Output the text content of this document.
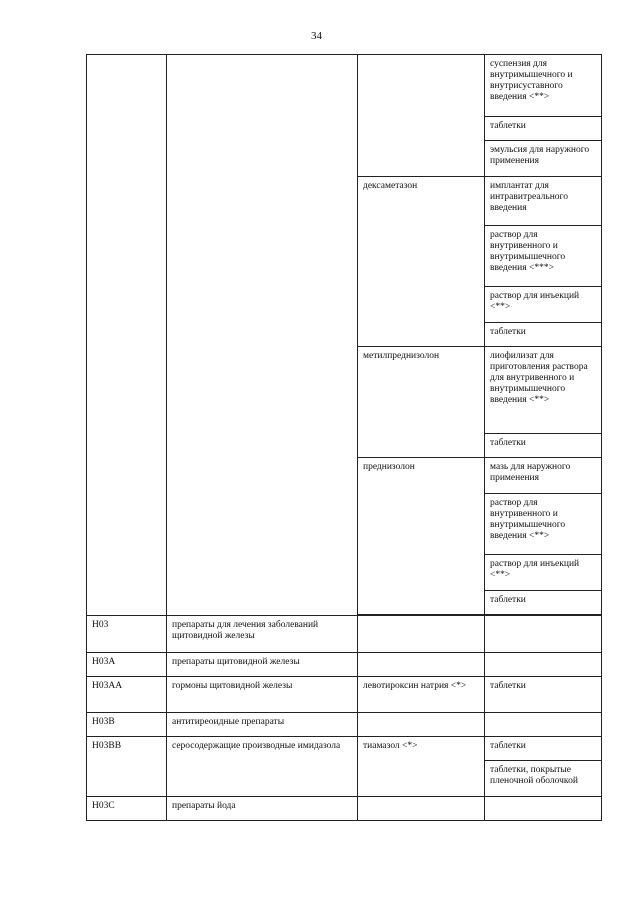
34
			суспензия для внутримышечного и внутрисуставного введения <**>
			таблетки
			эмульсия для наружного применения
		дексаметазон	имплантат для интравитреального введения
			раствор для внутривенного и внутримышечного введения <***>
			раствор для инъекций <**>
			таблетки
		метилпреднизолон	лиофилизат для приготовления раствора для внутривенного и внутримышечного введения <**>
			таблетки
		преднизолон	мазь для наружного применения
			раствор для внутривенного и внутримышечного введения <**>
			раствор для инъекций <**>
			таблетки

H03	препараты для лечения заболеваний щитовидной железы		
H03A	препараты щитовидной железы		
H03AA	гормоны щитовидной железы	левотироксин натрия <*>	таблетки
H03B	антитиреоидные препараты		
H03BB	серосодержащие производные имидазола	тиамазол <*>	таблетки
			таблетки, покрытые пленочной оболочкой
H03C	препараты йода		
